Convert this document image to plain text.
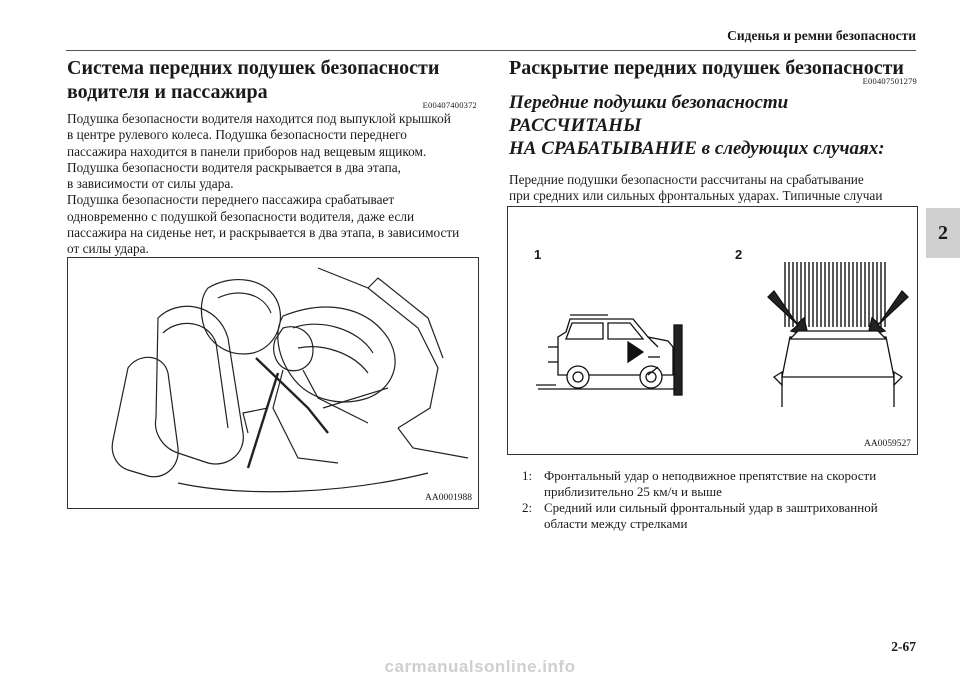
Сиденья и ремни безопасности
2
Система передних подушек безопасности
водителя и пассажира
E00407400372

Подушка безопасности водителя находится под выпуклой крышкой
в центре рулевого колеса. Подушка безопасности переднего
пассажира находится в панели приборов над вещевым ящиком.
Подушка безопасности водителя раскрывается в два этапа,
в зависимости от силы удара.
Подушка безопасности переднего пассажира срабатывает
одновременно с подушкой безопасности водителя, даже если
пассажира на сиденье нет, и раскрывается в два этапа, в зависимости
от силы удара.

AA0001988
Раскрытие передних подушек безопасности
E00407501279
Передние подушки безопасности РАССЧИТАНЫ
НА СРАБАТЫВАНИЕ в следующих случаях:

Передние подушки безопасности рассчитаны на срабатывание
при средних или сильных фронтальных ударах. Типичные случаи

1	2
AA0059527
1: Фронтальный удар о неподвижное препятствие на скорости
приблизительно 25 км/ч и выше
2: Средний или сильный фронтальный удар в заштрихованной
области между стрелками
2-67
carmanualsonline.info
